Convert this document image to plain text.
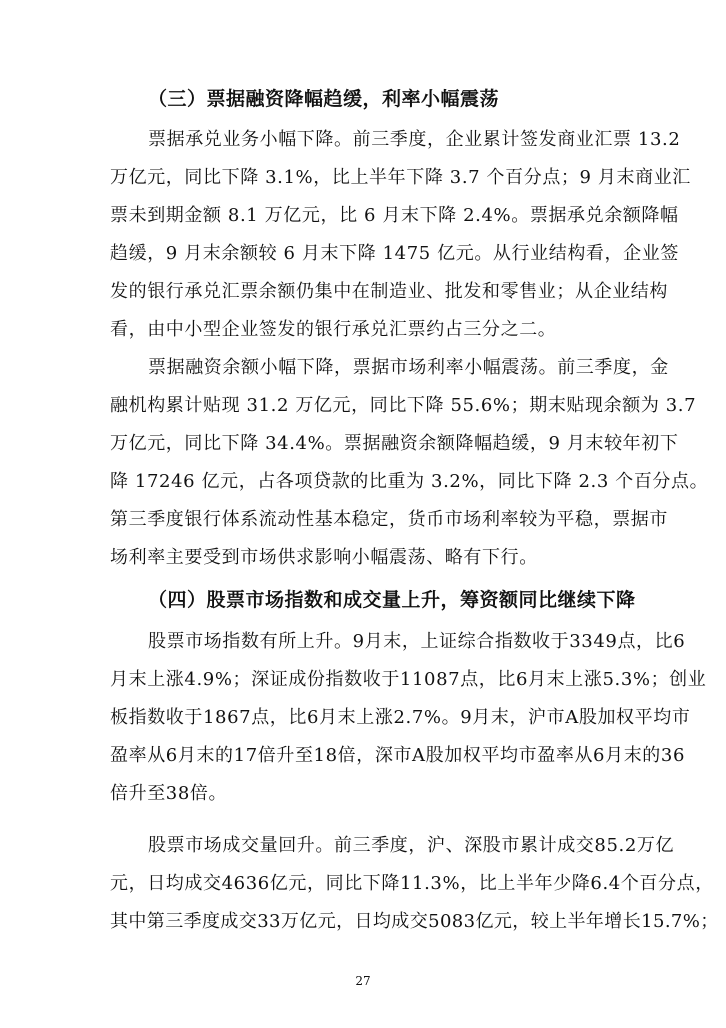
（三）票据融资降幅趋缓，利率小幅震荡
票据承兑业务小幅下降。前三季度，企业累计签发商业汇票 13.2
万亿元，同比下降 3.1%，比上半年下降 3.7 个百分点；9 月末商业汇
票未到期金额 8.1 万亿元，比 6 月末下降 2.4%。票据承兑余额降幅
趋缓，9 月末余额较 6 月末下降 1475 亿元。从行业结构看，企业签
发的银行承兑汇票余额仍集中在制造业、批发和零售业；从企业结构
看，由中小型企业签发的银行承兑汇票约占三分之二。
票据融资余额小幅下降，票据市场利率小幅震荡。前三季度，金
融机构累计贴现 31.2 万亿元，同比下降 55.6%；期末贴现余额为 3.7
万亿元，同比下降 34.4%。票据融资余额降幅趋缓，9 月末较年初下
降 17246 亿元，占各项贷款的比重为 3.2%，同比下降 2.3 个百分点。
第三季度银行体系流动性基本稳定，货币市场利率较为平稳，票据市
场利率主要受到市场供求影响小幅震荡、略有下行。
（四）股票市场指数和成交量上升，筹资额同比继续下降
股票市场指数有所上升。9月末，上证综合指数收于3349点，比6
月末上涨4.9%；深证成份指数收于11087点，比6月末上涨5.3%；创业
板指数收于1867点，比6月末上涨2.7%。9月末，沪市A股加权平均市
盈率从6月末的17倍升至18倍，深市A股加权平均市盈率从6月末的36
倍升至38倍。
股票市场成交量回升。前三季度，沪、深股市累计成交85.2万亿
元，日均成交4636亿元，同比下降11.3%，比上半年少降6.4个百分点，
其中第三季度成交33万亿元，日均成交5083亿元，较上半年增长15.7%；
27
